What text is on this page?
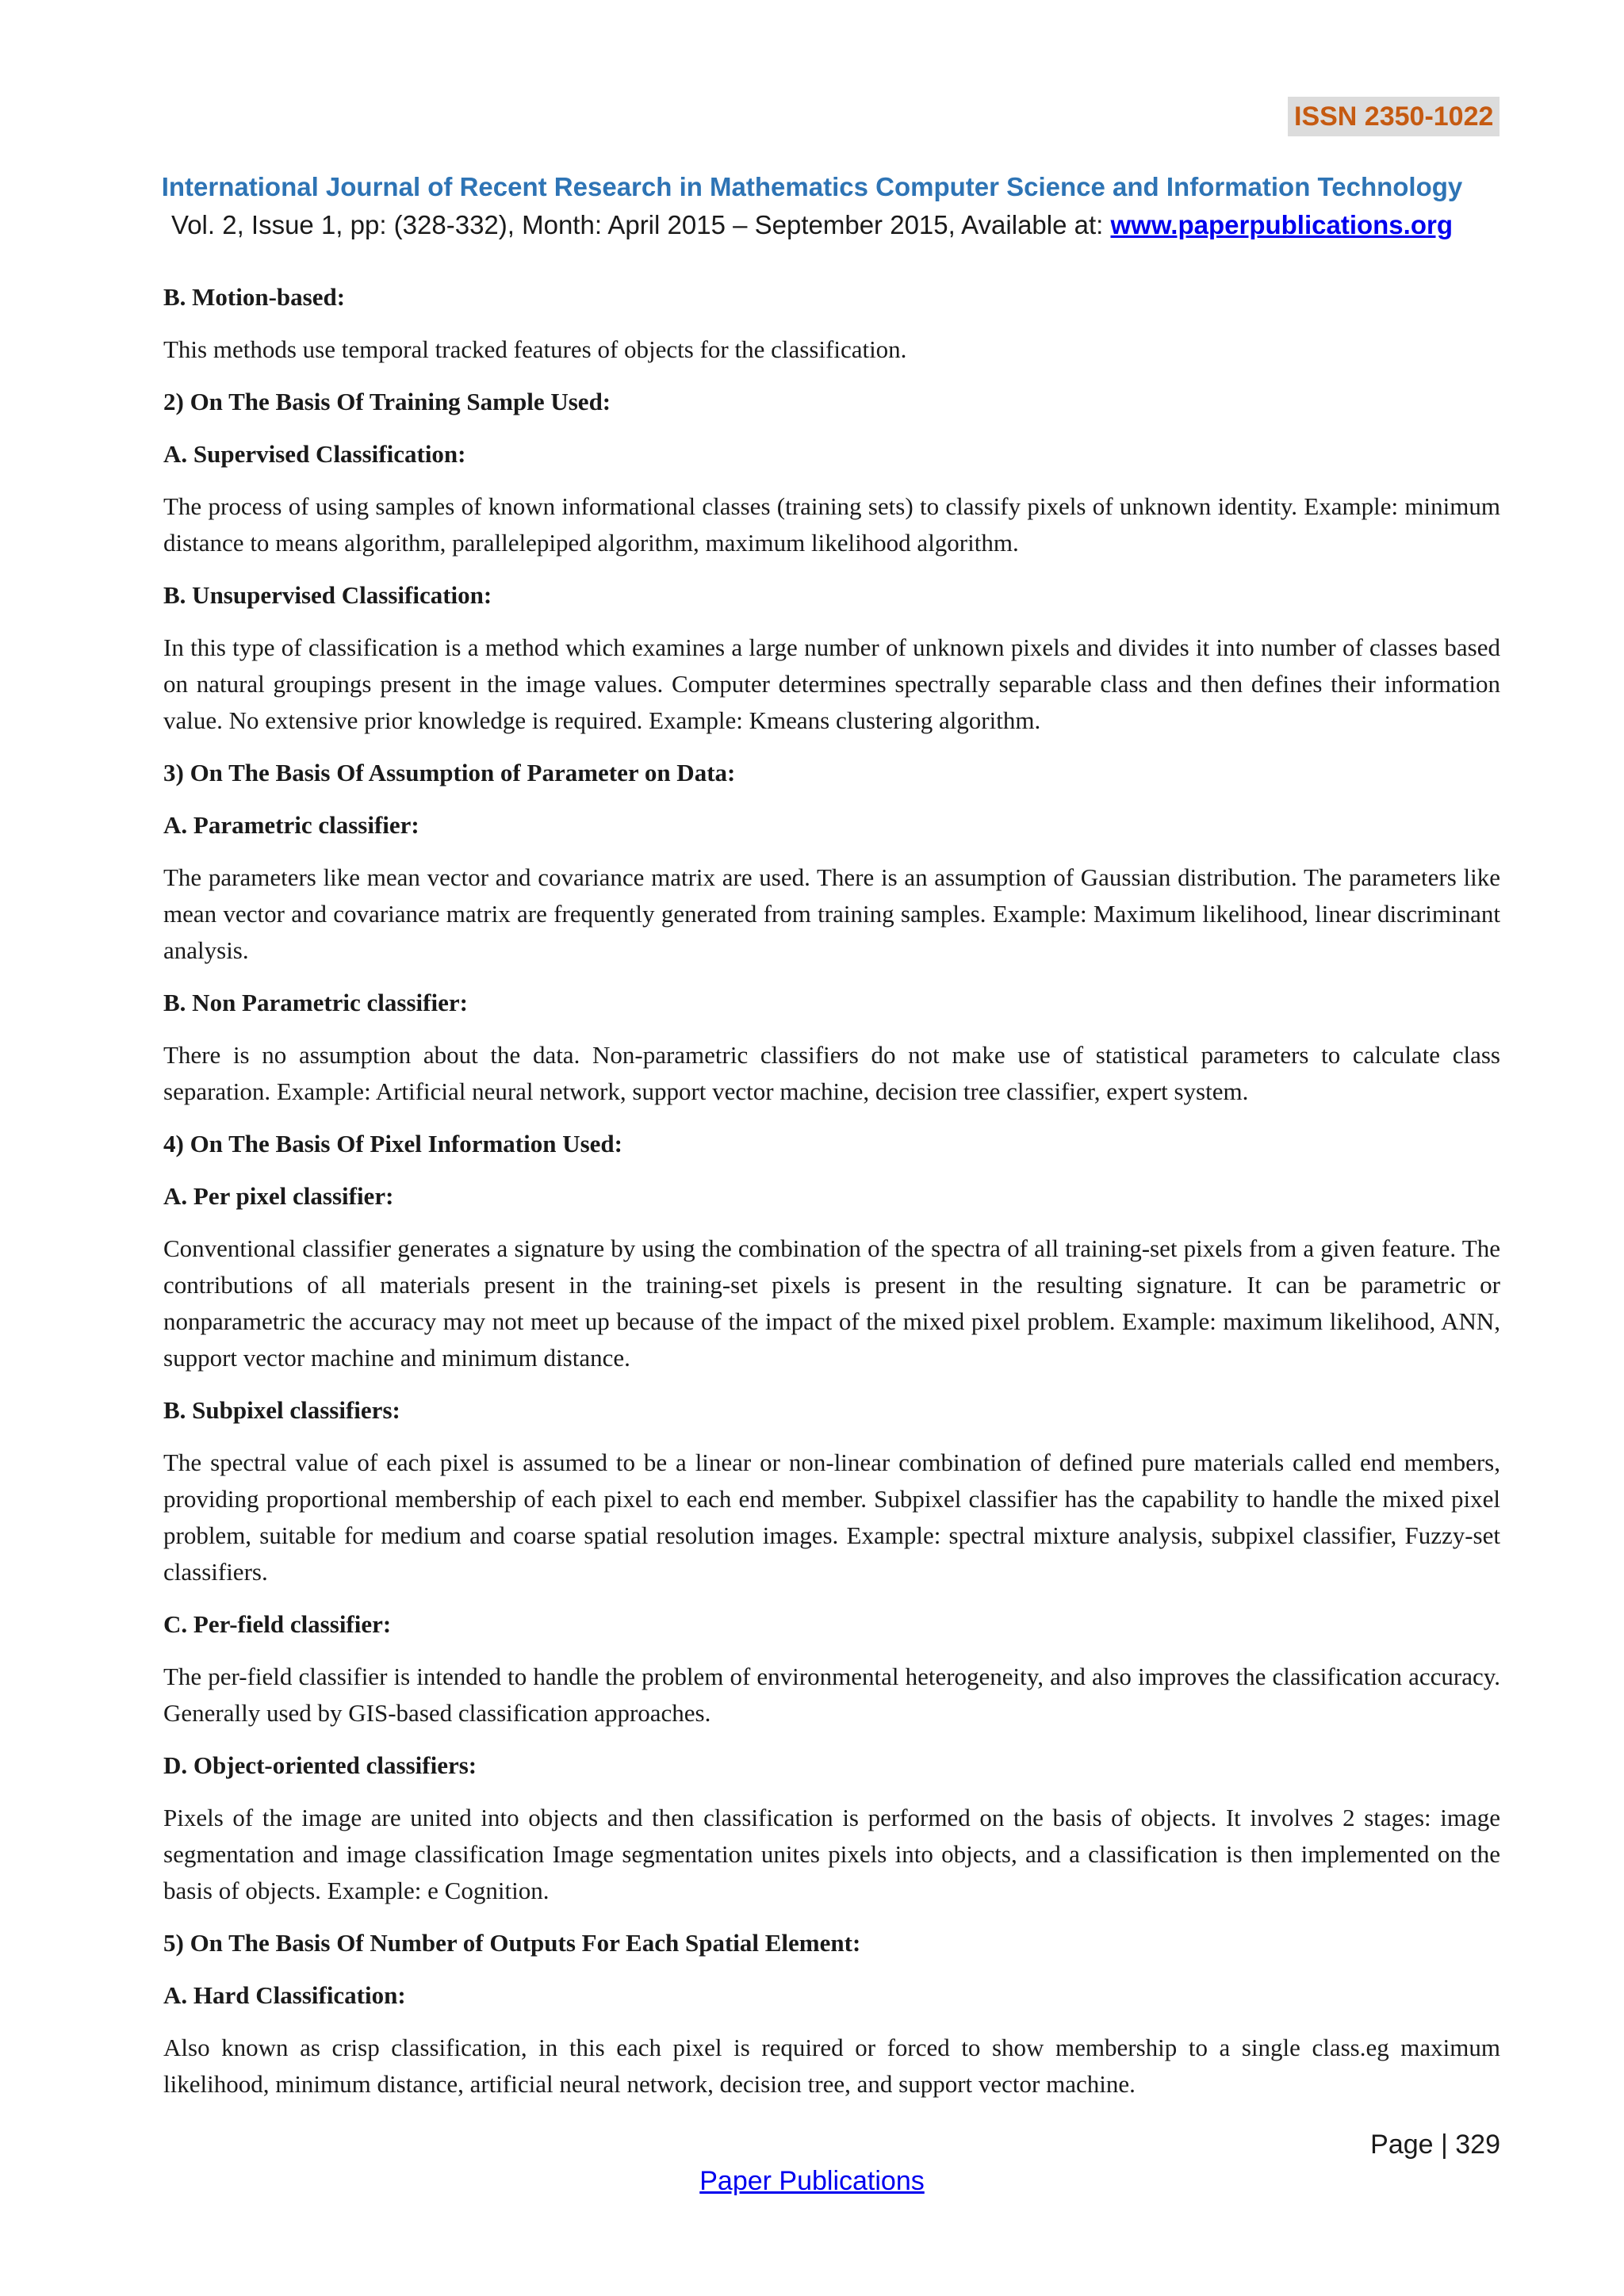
ISSN 2350-1022
International Journal of Recent Research in Mathematics Computer Science and Information Technology
Vol. 2, Issue 1, pp: (328-332), Month: April 2015 – September 2015, Available at: www.paperpublications.org
B. Motion-based:
This methods use temporal tracked features of objects for the classification.
2) On The Basis Of Training Sample Used:
A. Supervised Classification:
The process of using samples of known informational classes (training sets) to classify pixels of unknown identity. Example: minimum distance to means algorithm, parallelepiped algorithm, maximum likelihood algorithm.
B. Unsupervised Classification:
In this type of classification is a method which examines a large number of unknown pixels and divides it into number of classes based on natural groupings present in the image values. Computer determines spectrally separable class and then defines their information value. No extensive prior knowledge is required. Example: Kmeans clustering algorithm.
3) On The Basis Of Assumption of Parameter on Data:
A. Parametric classifier:
The parameters like mean vector and covariance matrix are used. There is an assumption of Gaussian distribution. The parameters like mean vector and covariance matrix are frequently generated from training samples. Example: Maximum likelihood, linear discriminant analysis.
B. Non Parametric classifier:
There is no assumption about the data. Non-parametric classifiers do not make use of statistical parameters to calculate class separation. Example: Artificial neural network, support vector machine, decision tree classifier, expert system.
4) On The Basis Of Pixel Information Used:
A. Per pixel classifier:
Conventional classifier generates a signature by using the combination of the spectra of all training-set pixels from a given feature. The contributions of all materials present in the training-set pixels is present in the resulting signature. It can be parametric or nonparametric the accuracy may not meet up because of the impact of the mixed pixel problem. Example: maximum likelihood, ANN, support vector machine and minimum distance.
B. Subpixel classifiers:
The spectral value of each pixel is assumed to be a linear or non-linear combination of defined pure materials called end members, providing proportional membership of each pixel to each end member. Subpixel classifier has the capability to handle the mixed pixel problem, suitable for medium and coarse spatial resolution images. Example: spectral mixture analysis, subpixel classifier, Fuzzy-set classifiers.
C. Per-field classifier:
The per-field classifier is intended to handle the problem of environmental heterogeneity, and also improves the classification accuracy. Generally used by GIS-based classification approaches.
D. Object-oriented classifiers:
Pixels of the image are united into objects and then classification is performed on the basis of objects. It involves 2 stages: image segmentation and image classification Image segmentation unites pixels into objects, and a classification is then implemented on the basis of objects. Example: e Cognition.
5) On The Basis Of Number of Outputs For Each Spatial Element:
A. Hard Classification:
Also known as crisp classification, in this each pixel is required or forced to show membership to a single class.eg maximum likelihood, minimum distance, artificial neural network, decision tree, and support vector machine.
Page | 329
Paper Publications
